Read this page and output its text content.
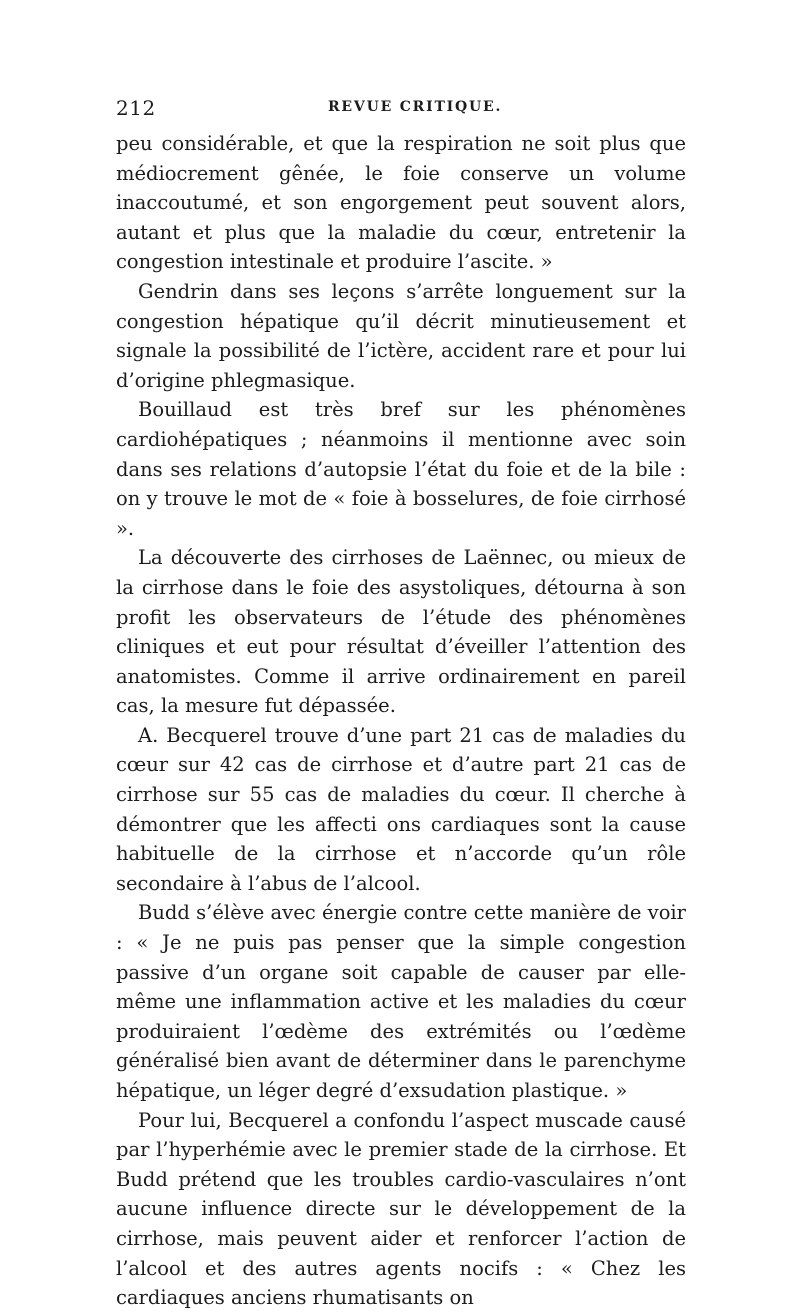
212	REVUE CRITIQUE.

peu considérable, et que la respiration ne soit plus que médiocrement gênée, le foie conserve un volume inaccoutumé, et son engorgement peut souvent alors, autant et plus que la maladie du cœur, entretenir la congestion intestinale et produire l’ascite. »

Gendrin dans ses leçons s’arrête longuement sur la congestion hépatique qu’il décrit minutieusement et signale la possibilité de l’ictère, accident rare et pour lui d’origine phlegmasique.

Bouillaud est très bref sur les phénomènes cardiohépatiques ; néanmoins il mentionne avec soin dans ses relations d’autopsie l’état du foie et de la bile : on y trouve le mot de « foie à bosselures, de foie cirrhosé ».

La découverte des cirrhoses de Laënnec, ou mieux de la cirrhose dans le foie des asystoliques, détourna à son profit les observateurs de l’étude des phénomènes cliniques et eut pour résultat d’éveiller l’attention des anatomistes. Comme il arrive ordinairement en pareil cas, la mesure fut dépassée.

A. Becquerel trouve d’une part 21 cas de maladies du cœur sur 42 cas de cirrhose et d’autre part 21 cas de cirrhose sur 55 cas de maladies du cœur. Il cherche à démontrer que les affecti ons cardiaques sont la cause habituelle de la cirrhose et n’accorde qu’un rôle secondaire à l’abus de l’alcool.

Budd s’élève avec énergie contre cette manière de voir : « Je ne puis pas penser que la simple congestion passive d’un organe soit capable de causer par elle-même une inflammation active et les maladies du cœur produiraient l’œdème des extrémités ou l’œdème généralisé bien avant de déterminer dans le parenchyme hépatique, un léger degré d’exsudation plastique. »

Pour lui, Becquerel a confondu l’aspect muscade causé par l’hyperhémie avec le premier stade de la cirrhose. Et Budd prétend que les troubles cardio-vasculaires n’ont aucune influence directe sur le développement de la cirrhose, mais peuvent aider et renforcer l’action de l’alcool et des autres agents nocifs : « Chez les cardiaques anciens rhumatisants on
